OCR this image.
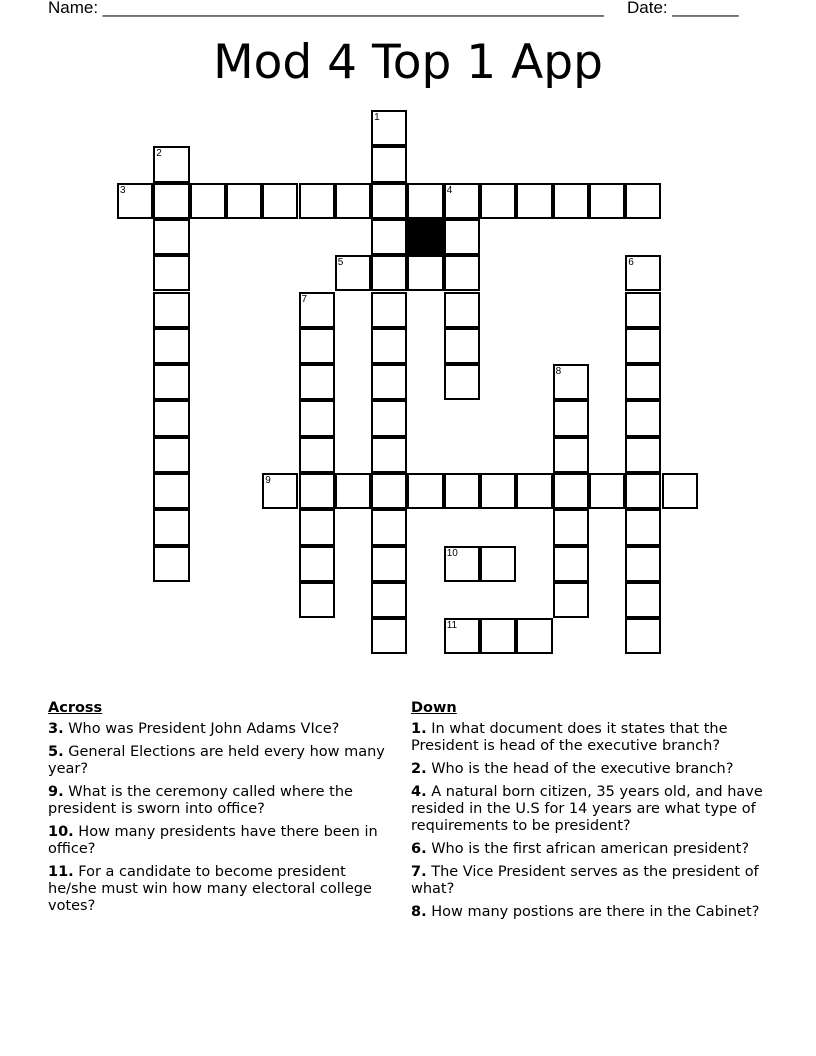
Name: _____________________________________________________ Date: _______
Mod 4 Top 1 App
1
2
3	4
5	6
7
8
9
10
11
Across
3. Who was President John Adams VIce?
5. General Elections are held every how many year?
9. What is the ceremony called where the president is sworn into office?
10. How many presidents have there been in office?
11. For a candidate to become president he/she must win how many electoral college votes?
Down
1. In what document does it states that the President is head of the executive branch?
2. Who is the head of the executive branch?
4. A natural born citizen, 35 years old, and have resided in the U.S for 14 years are what type of requirements to be president?
6. Who is the first african american president?
7. The Vice President serves as the president of what?
8. How many postions are there in the Cabinet?
